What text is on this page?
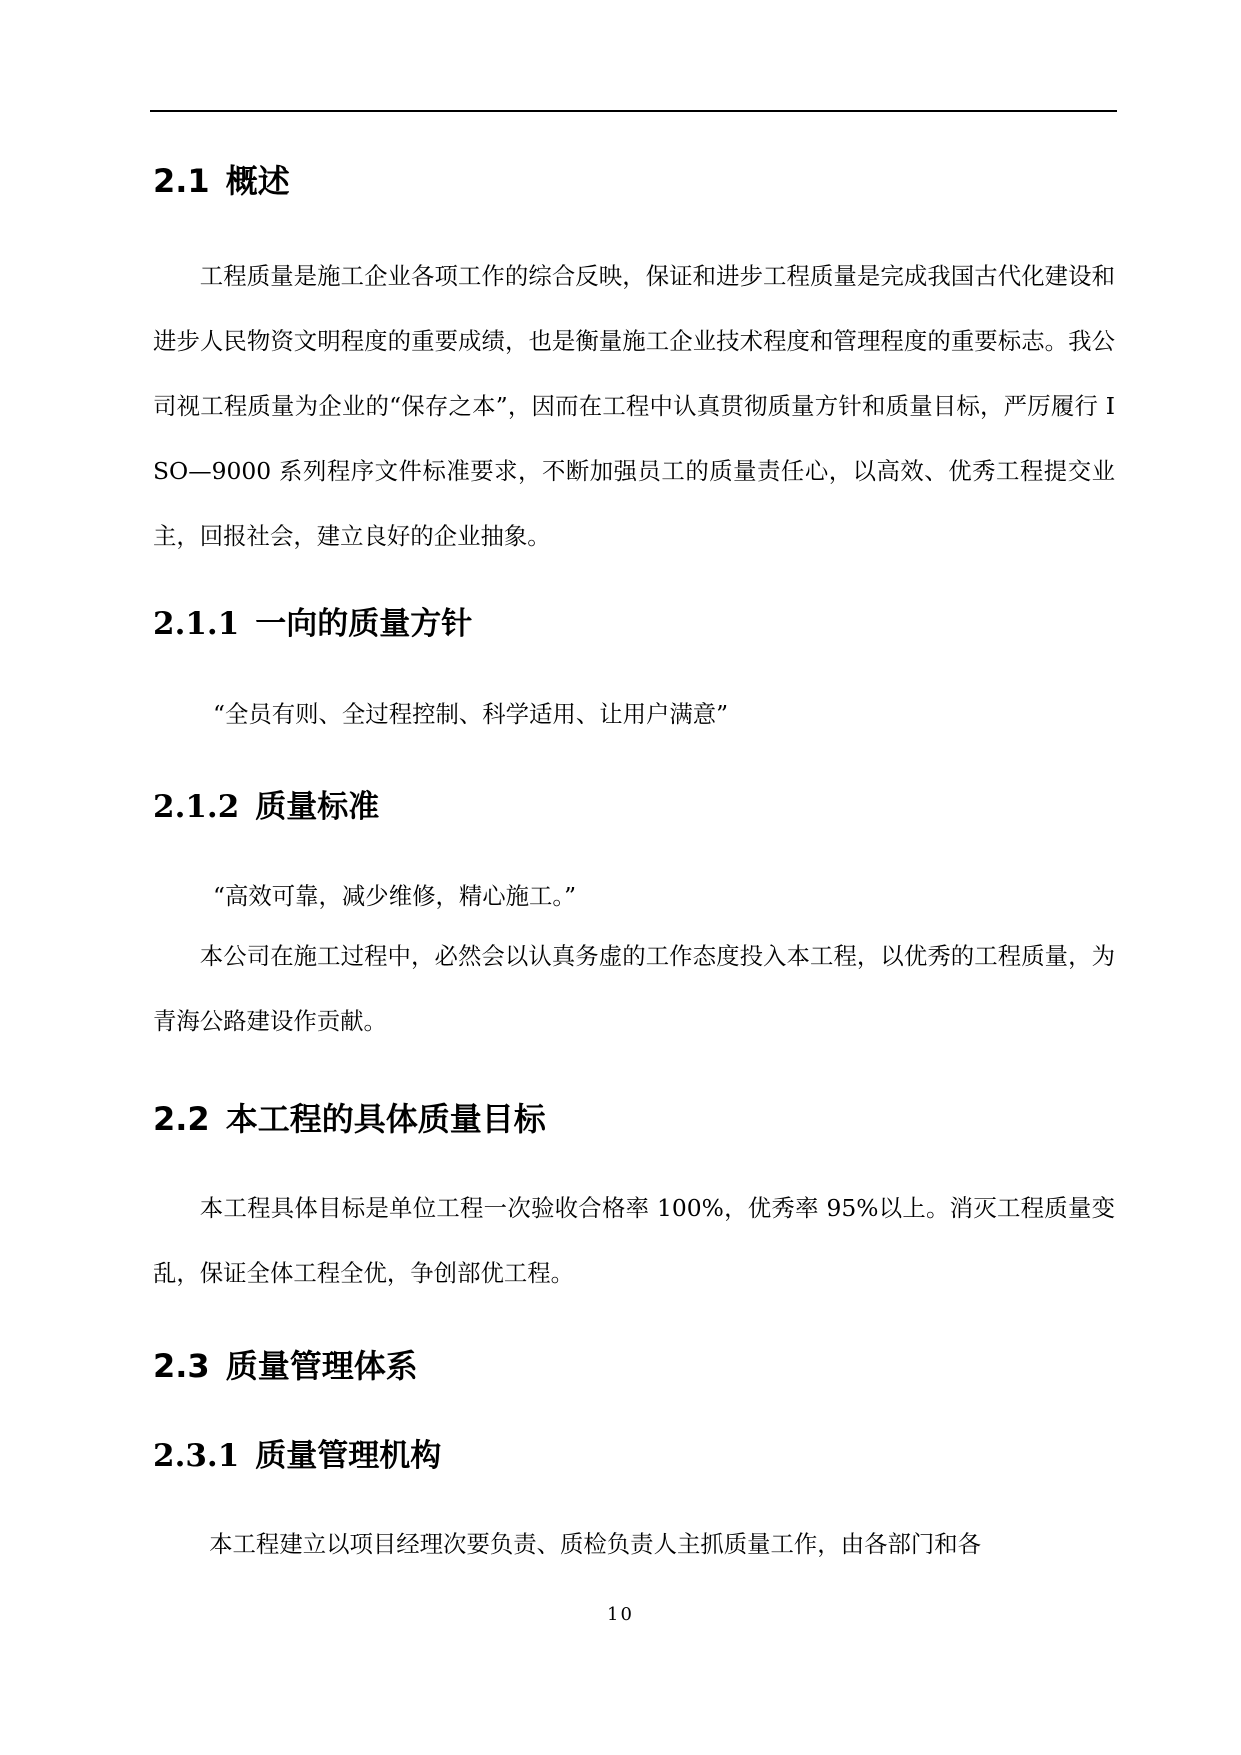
2.1 概述

工程质量是施工企业各项工作的综合反映，保证和进步工程质量是完成我国古代化建设和进步人民物资文明程度的重要成绩，也是衡量施工企业技术程度和管理程度的重要标志。我公司视工程质量为企业的“保存之本”，因而在工程中认真贯彻质量方针和质量目标，严厉履行 ISO—9000 系列程序文件标准要求，不断加强员工的质量责任心，以高效、优秀工程提交业主，回报社会，建立良好的企业抽象。

2.1.1 一向的质量方针

“全员有则、全过程控制、科学适用、让用户满意”

2.1.2 质量标准

“高效可靠，减少维修，精心施工。”

本公司在施工过程中，必然会以认真务虚的工作态度投入本工程，以优秀的工程质量，为青海公路建设作贡献。

2.2 本工程的具体质量目标

本工程具体目标是单位工程一次验收合格率 100%，优秀率 95%以上。消灭工程质量变乱，保证全体工程全优，争创部优工程。

2.3 质量管理体系
2.3.1 质量管理机构

本工程建立以项目经理次要负责、质检负责人主抓质量工作，由各部门和各

10
